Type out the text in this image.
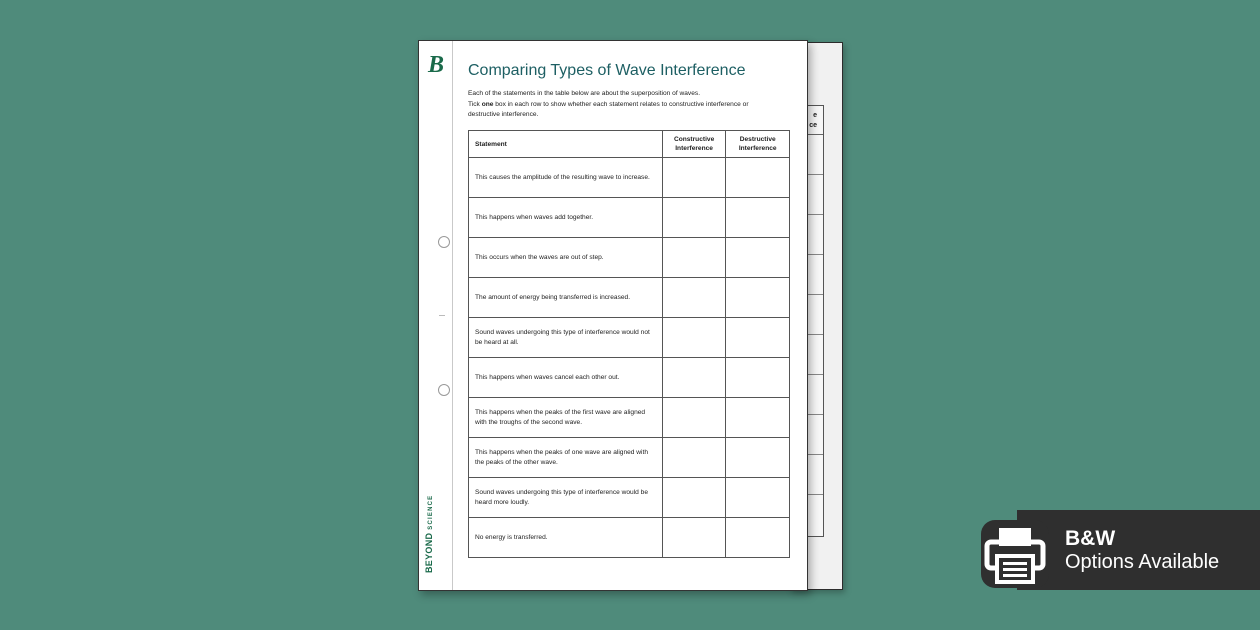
e
ce
B
BEYONDSCIENCE
Comparing Types of Wave Interference
Each of the statements in the table below are about the superposition of waves.
Tick one box in each row to show whether each statement relates to constructive interference or destructive interference.
Statement	Constructive Interference	Destructive Interference
This causes the amplitude of the resulting wave to increase.		
This happens when waves add together.		
This occurs when the waves are out of step.		
The amount of energy being transferred is increased.		
Sound waves undergoing this type of interference would not be heard at all.		
This happens when waves cancel each other out.		
This happens when the peaks of the first wave are aligned with the troughs of the second wave.		
This happens when the peaks of one wave are aligned with the peaks of the other wave.		
Sound waves undergoing this type of interference would be heard more loudly.		
No energy is transferred.			B&W
Options Available
